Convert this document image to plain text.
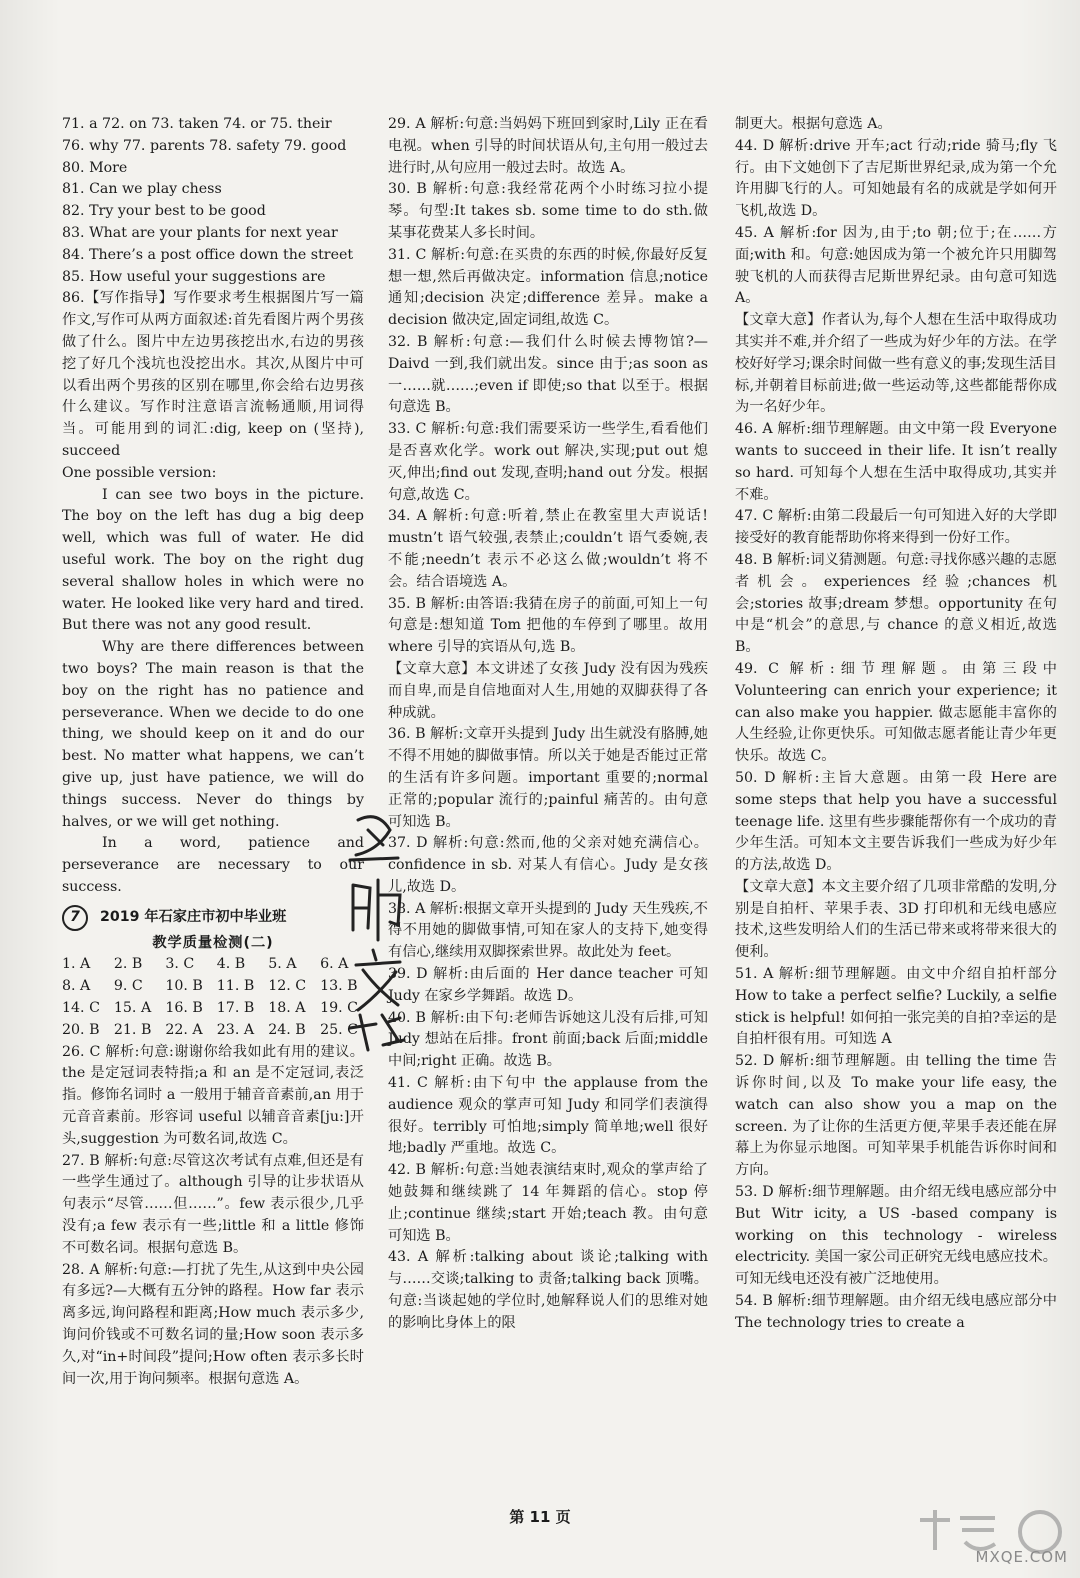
71. a 72. on 73. taken 74. or 75. their
76. why 77. parents 78. safety 79. good
80. More
81. Can we play chess
82. Try your best to be good
83. What are your plants for next year
84. There’s a post office down the street
85. How useful your suggestions are

86.【写作指导】写作要求考生根据图片写一篇作文,写作可从两方面叙述:首先看图片两个男孩做了什么。图片中左边男孩挖出水,右边的男孩挖了好几个浅坑也没挖出水。其次,从图片中可以看出两个男孩的区别在哪里,你会给右边男孩什么建议。写作时注意语言流畅通顺,用词得当。可能用到的词汇:dig, keep on (坚持), succeed

One possible version:

I can see two boys in the picture. The boy on the left has dug a big deep well, which was full of water. He did useful work. The boy on the right dug several shallow holes in which were no water. He looked like very hard and tired. But there was not any good result.

Why are there differences between two boys? The main reason is that the boy on the right has no patience and perseverance. When we decide to do one thing, we should keep on it and do our best. No matter what happens, we can’t give up, just have patience, we will do things success. Never do things by halves, or we will get nothing.

In a word, patience and perseverance are necessary to our success.

7	2019 年石家庄市初中毕业班
教学质量检测(二)
1. A	2. B	3. C	4. B	5. A	6. A
8. A	9. C	10. B 11. B 12. C 13. B
14. C 15. A 16. B 17. B 18. A	19. C
20. B	21. B 22. A 23. A 24. B	25. C

26. C 解析:句意:谢谢你给我如此有用的建议。the 是定冠词表特指;a 和 an 是不定冠词,表泛指。修饰名词时 a 一般用于辅音音素前,an 用于元音音素前。形容词 useful 以辅音音素[ju:]开头,suggestion 为可数名词,故选 C。

27. B 解析:句意:尽管这次考试有点难,但还是有一些学生通过了。although 引导的让步状语从句表示“尽管……但……”。few 表示很少,几乎没有;a few 表示有一些;little 和 a little 修饰不可数名词。根据句意选 B。

28. A 解析:句意:—打扰了先生,从这到中央公园有多远?—大概有五分钟的路程。How far 表示离多远,询问路程和距离;How much 表示多少,询问价钱或不可数名词的量;How soon 表示多久,对“in+时间段”提问;How often 表示多长时间一次,用于询问频率。根据句意选 A。

29. A 解析:句意:当妈妈下班回到家时,Lily 正在看电视。when 引导的时间状语从句,主句用一般过去进行时,从句应用一般过去时。故选 A。

30. B 解析:句意:我经常花两个小时练习拉小提琴。句型:It takes sb. some time to do sth.做某事花费某人多长时间。

31. C 解析:句意:在买贵的东西的时候,你最好反复想一想,然后再做决定。information 信息;notice 通知;decision 决定;difference 差异。make a decision 做决定,固定词组,故选 C。

32. B 解析:句意:—我们什么时候去博物馆?—Daivd 一到,我们就出发。since 由于;as soon as 一……就……;even if 即使;so that 以至于。根据句意选 B。

33. C 解析:句意:我们需要采访一些学生,看看他们是否喜欢化学。work out 解决,实现;put out 熄灭,伸出;find out 发现,查明;hand out 分发。根据句意,故选 C。

34. A 解析:句意:听着,禁止在教室里大声说话! mustn’t 语气较强,表禁止;couldn’t 语气委婉,表不能;needn’t 表示不必这么做;wouldn’t 将不会。结合语境选 A。

35. B 解析:由答语:我猜在房子的前面,可知上一句句意是:想知道 Tom 把他的车停到了哪里。故用 where 引导的宾语从句,选 B。

【文章大意】本文讲述了女孩 Judy 没有因为残疾而自卑,而是自信地面对人生,用她的双脚获得了各种成就。

36. B 解析:文章开头提到 Judy 出生就没有胳膊,她不得不用她的脚做事情。所以关于她是否能过正常的生活有许多问题。important 重要的;normal 正常的;popular 流行的;painful 痛苦的。由句意可知选 B。

37. D 解析:句意:然而,他的父亲对她充满信心。confidence in sb. 对某人有信心。Judy 是女孩儿,故选 D。

38. A 解析:根据文章开头提到的 Judy 天生残疾,不得不用她的脚做事情,可知在家人的支持下,她变得有信心,继续用双脚探索世界。故此处为 feet。

39. D 解析:由后面的 Her dance teacher 可知Judy 在家乡学舞蹈。故选 D。

40. B 解析:由下句:老师告诉她这儿没有后排,可知 Judy 想站在后排。front 前面;back 后面;middle 中间;right 正确。故选 B。

41. C 解析:由下句中 the applause from the audience 观众的掌声可知 Judy 和同学们表演得很好。terribly 可怕地;simply 简单地;well 很好地;badly 严重地。故选 C。

42. B 解析:句意:当她表演结束时,观众的掌声给了她鼓舞和继续跳了 14 年舞蹈的信心。stop 停止;continue 继续;start 开始;teach 教。由句意可知选 B。

43. A 解析:talking about 谈论;talking with 与……交谈;talking to 责备;talking back 顶嘴。句意:当谈起她的学位时,她解释说人们的思维对她的影响比身体上的限

制更大。根据句意选 A。

44. D 解析:drive 开车;act 行动;ride 骑马;fly 飞行。由下文她创下了吉尼斯世界纪录,成为第一个允许用脚飞行的人。可知她最有名的成就是学如何开飞机,故选 D。

45. A 解析:for 因为,由于;to 朝;位于;在……方面;with 和。句意:她因成为第一个被允许只用脚驾驶飞机的人而获得吉尼斯世界纪录。由句意可知选 A。

【文章大意】作者认为,每个人想在生活中取得成功其实并不难,并介绍了一些成为好少年的方法。在学校好好学习;课余时间做一些有意义的事;发现生活目标,并朝着目标前进;做一些运动等,这些都能帮你成为一名好少年。

46. A 解析:细节理解题。由文中第一段 Everyone wants to succeed in their life. It isn’t really so hard. 可知每个人想在生活中取得成功,其实并不难。

47. C 解析:由第二段最后一句可知进入好的大学即接受好的教育能帮助你将来得到一份好工作。

48. B 解析:词义猜测题。句意:寻找你感兴趣的志愿者机会。experiences 经验;chances 机会;stories 故事;dream 梦想。opportunity 在句中是“机会”的意思,与 chance 的意义相近,故选 B。

49. C 解析:细节理解题。由第三段中 Volunteering can enrich your experience; it can also make you happier. 做志愿能丰富你的人生经验,让你更快乐。可知做志愿者能让青少年更快乐。故选 C。

50. D 解析:主旨大意题。由第一段 Here are some steps that help you have a successful teenage life. 这里有些步骤能帮你有一个成功的青少年生活。可知本文主要告诉我们一些成为好少年的方法,故选 D。

【文章大意】本文主要介绍了几项非常酷的发明,分别是自拍杆、苹果手表、3D 打印机和无线电感应技术,这些发明给人们的生活已带来或将带来很大的便利。

51. A 解析:细节理解题。由文中介绍自拍杆部分 How to take a perfect selfie? Luckily, a selfie stick is helpful! 如何拍一张完美的自拍?幸运的是自拍杆很有用。可知选 A

52. D 解析:细节理解题。由 telling the time 告诉你时间,以及 To make your life easy, the watch can also show you a map on the screen. 为了让你的生活更方便,苹果手表还能在屏幕上为你显示地图。可知苹果手机能告诉你时间和方向。

53. D 解析:细节理解题。由介绍无线电感应部分中 But Witr icity, a US -based company is working on this technology - wireless electricity. 美国一家公司正研究无线电感应技术。可知无线电还没有被广泛地使用。

54. B 解析:细节理解题。由介绍无线电感应部分中 The technology tries to create a

第 11 页
MXQE.COM
